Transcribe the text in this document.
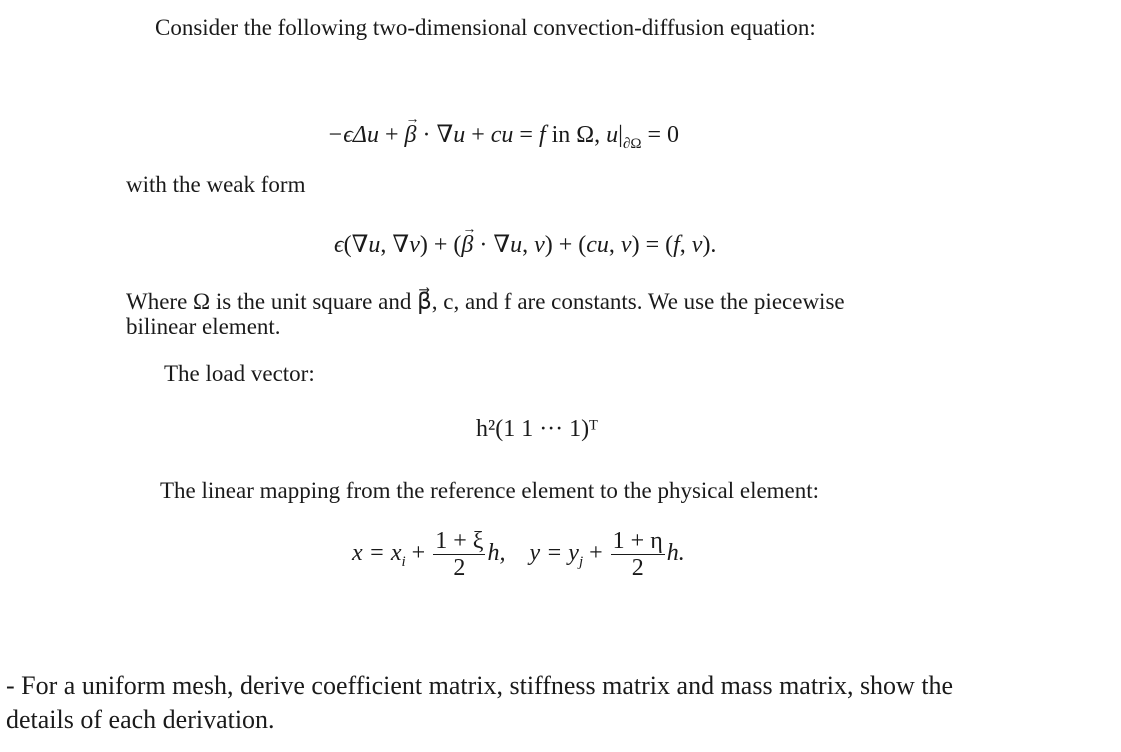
Consider the following two-dimensional convection-diffusion equation:
−ϵΔu + → β · ∇u + cu = f in Ω, $u|_{\partial\Omega} = 0$
with the weak form
ϵ(∇u, ∇v) + (→ β · ∇u, v) + (cu, v) = (f, v).
Where Ω is the unit square and β⃗, c, and f are constants. We use the piecewise
bilinear element.
The load vector:
h²(1 1 ··· 1)ᵀ
The linear mapping from the reference element to the physical element:
$x = x_i + \frac{1 + \xi}{2} h$, $y = y_j + \frac{1 + \eta}{2} h$.
- For a uniform mesh, derive coefficient matrix, stiffness matrix and mass matrix, show the
details of each derivation.
